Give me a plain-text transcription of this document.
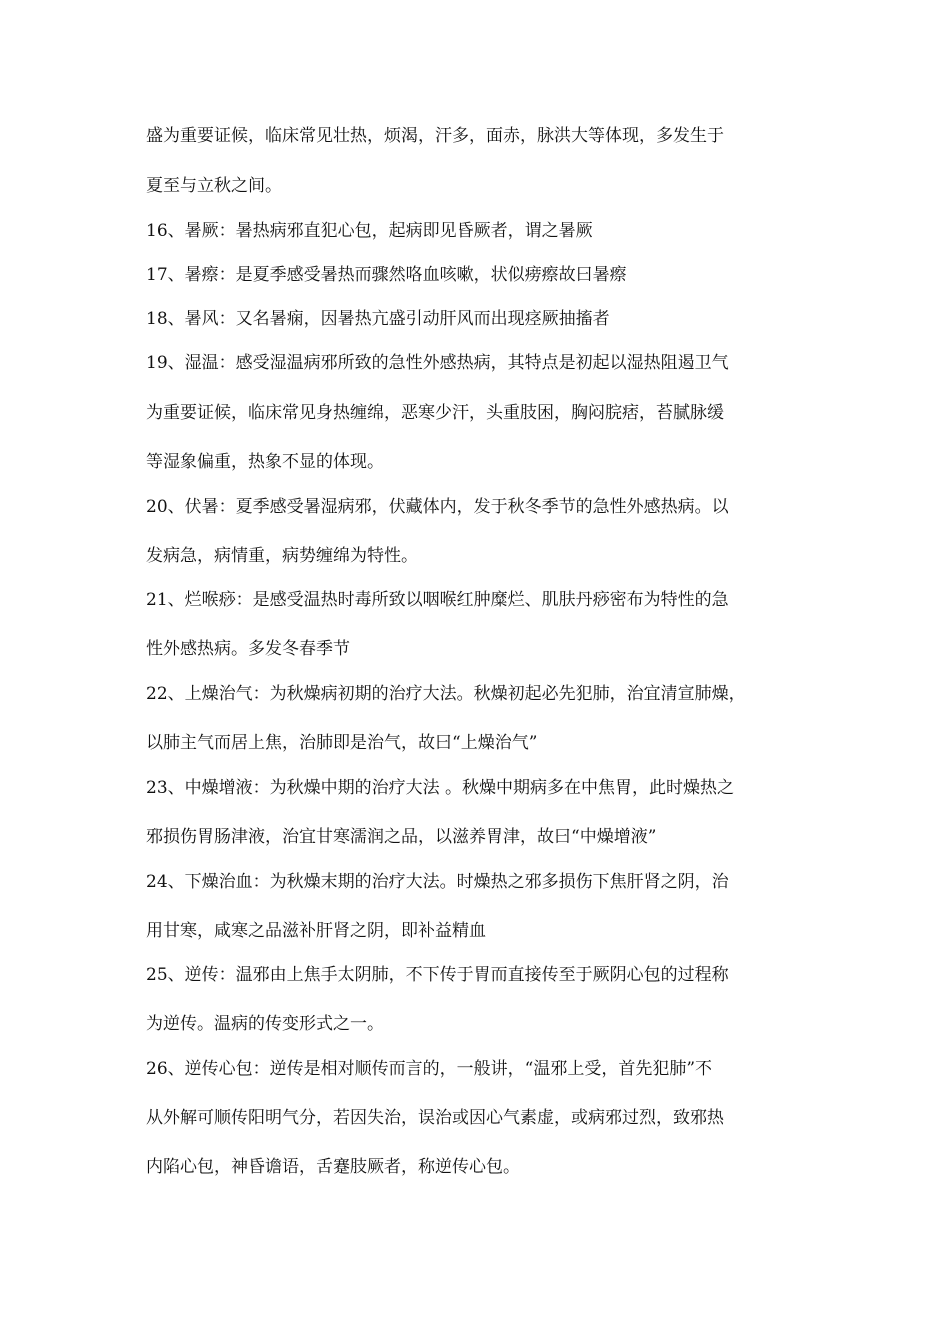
盛为重要证候，临床常见壮热，烦渴，汗多，面赤，脉洪大等体现，多发生于
夏至与立秋之间。
16、暑厥：暑热病邪直犯心包，起病即见昏厥者，谓之暑厥
17、暑瘵：是夏季感受暑热而骤然咯血咳嗽，状似痨瘵故曰暑瘵
18、暑风：又名暑痫，因暑热亢盛引动肝风而出现痉厥抽搐者
19、湿温：感受湿温病邪所致的急性外感热病，其特点是初起以湿热阻遏卫气
为重要证候，临床常见身热缠绵，恶寒少汗，头重肢困，胸闷脘痞，苔腻脉缓
等湿象偏重，热象不显的体现。
20、伏暑：夏季感受暑湿病邪，伏藏体内，发于秋冬季节的急性外感热病。以
发病急，病情重，病势缠绵为特性。
21、烂喉痧：是感受温热时毒所致以咽喉红肿糜烂、肌肤丹痧密布为特性的急
性外感热病。多发冬春季节
22、上燥治气：为秋燥病初期的治疗大法。秋燥初起必先犯肺，治宜清宣肺燥，
以肺主气而居上焦，治肺即是治气，故曰“上燥治气”
23、中燥增液：为秋燥中期的治疗大法 。秋燥中期病多在中焦胃，此时燥热之
邪损伤胃肠津液，治宜甘寒濡润之品，以滋养胃津，故曰“中燥增液”
24、下燥治血：为秋燥末期的治疗大法。时燥热之邪多损伤下焦肝肾之阴，治
用甘寒，咸寒之品滋补肝肾之阴，即补益精血
25、逆传：温邪由上焦手太阴肺，不下传于胃而直接传至于厥阴心包的过程称
为逆传。温病的传变形式之一。
26、逆传心包：逆传是相对顺传而言的，一般讲，“温邪上受，首先犯肺”不
从外解可顺传阳明气分，若因失治，误治或因心气素虚，或病邪过烈，致邪热
内陷心包，神昏谵语，舌蹇肢厥者，称逆传心包。
